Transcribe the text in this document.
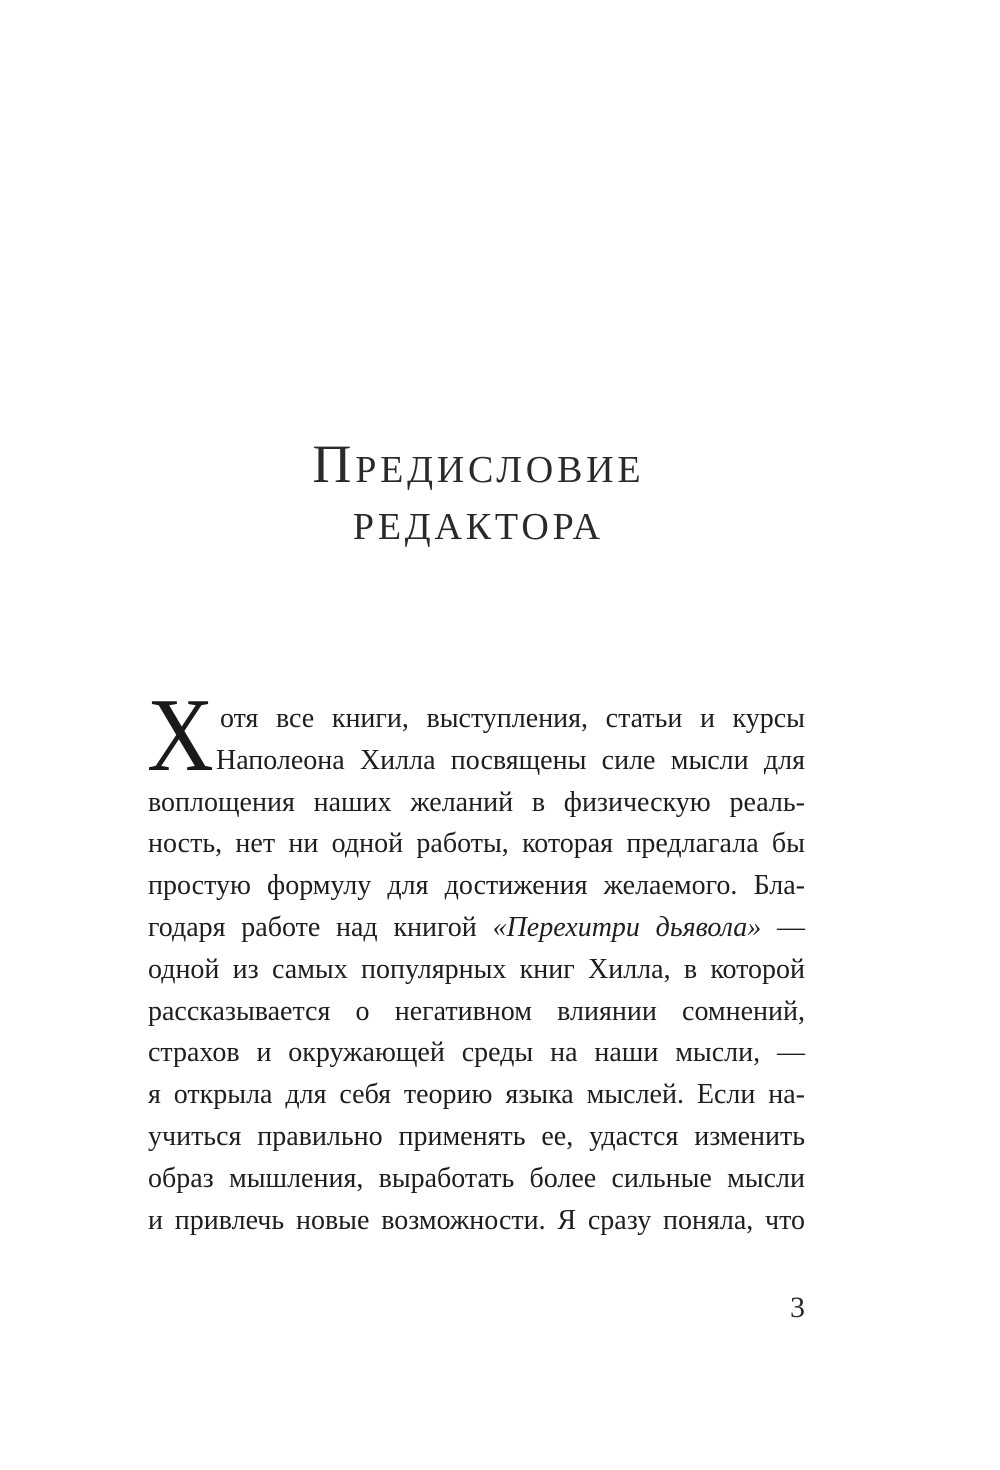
Предисловие
редактора
Х отя все книги, выступления, статьи и курсы
Наполеона Хилла посвящены силе мысли для
воплощения наших желаний в физическую реаль-
ность, нет ни одной работы, которая предлагала бы
простую формулу для достижения желаемого. Бла-
годаря работе над книгой «Перехитри дьявола» —
одной из самых популярных книг Хилла, в которой
рассказывается о негативном влиянии сомнений,
страхов и окружающей среды на наши мысли, —
я открыла для себя теорию языка мыслей. Если на-
учиться правильно применять ее, удастся изменить
образ мышления, выработать более сильные мысли
и привлечь новые возможности. Я сразу поняла, что
3
